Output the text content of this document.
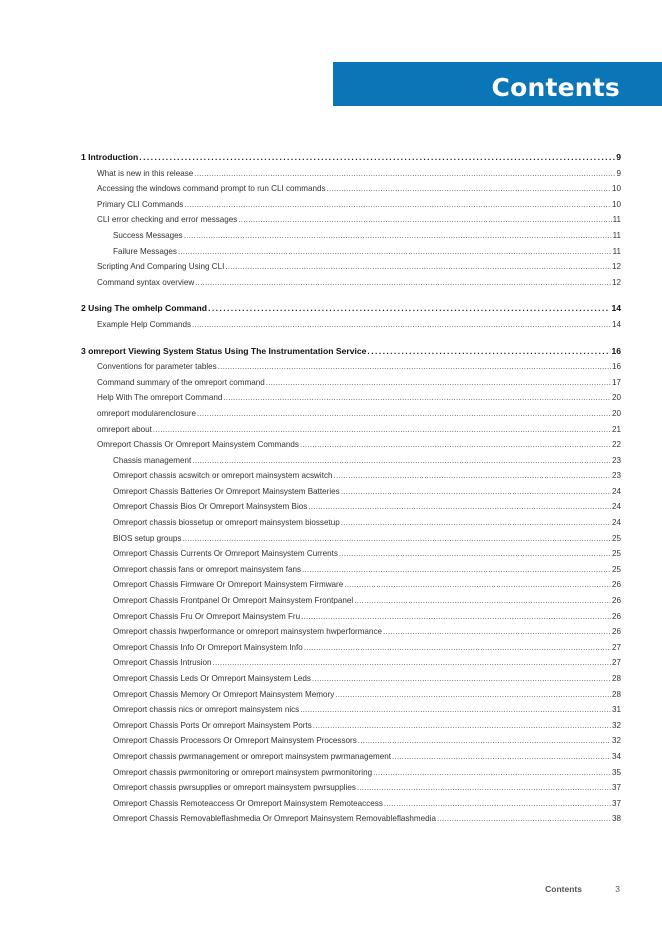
Contents
1 Introduction .....	9
What is new in this release .....	9
Accessing the windows command prompt to run CLI commands .....	10
Primary CLI Commands .....	10
CLI error checking and error messages .....	11
Success Messages .....	11
Failure Messages .....	11
Scripting And Comparing Using CLI .....	12
Command syntax overview .....	12
2 Using The omhelp Command .....	14
Example Help Commands .....	14
3 omreport Viewing System Status Using The Instrumentation Service .....	16
Conventions for parameter tables .....	16
Command summary of the omreport command .....	17
Help With The omreport Command .....	20
omreport modularenclosure .....	20
omreport about .....	21
Omreport Chassis Or Omreport Mainsystem Commands .....	22
Chassis management .....	23
Omreport chassis acswitch or omreport mainsystem acswitch .....	23
Omreport Chassis Batteries Or Omreport Mainsystem Batteries .....	24
Omreport Chassis Bios Or Omreport Mainsystem Bios .....	24
Omreport chassis biossetup or omreport mainsystem biossetup .....	24
BIOS setup groups .....	25
Omreport Chassis Currents Or Omreport Mainsystem Currents .....	25
Omreport chassis fans or omreport mainsystem fans .....	25
Omreport Chassis Firmware Or Omreport Mainsystem Firmware .....	26
Omreport Chassis Frontpanel Or Omreport Mainsystem Frontpanel .....	26
Omreport Chassis Fru Or Omreport Mainsystem Fru .....	26
Omreport chassis hwperformance or omreport mainsystem hwperformance .....	26
Omreport Chassis Info Or Omreport Mainsystem Info .....	27
Omreport Chassis Intrusion .....	27
Omreport Chassis Leds Or Omreport Mainsystem Leds .....	28
Omreport Chassis Memory Or Omreport Mainsystem Memory .....	28
Omreport chassis nics or omreport mainsystem nics .....	31
Omreport Chassis Ports Or omreport Mainsystem Ports .....	32
Omreport Chassis Processors Or Omreport Mainsystem Processors .....	32
Omreport chassis pwrmanagement or omreport mainsystem pwrmanagement .....	34
Omreport chassis pwrmonitoring or omreport mainsystem pwrmonitoring .....	35
Omreport chassis pwrsupplies or omreport mainsystem pwrsupplies .....	37
Omreport Chassis Remoteaccess Or Omreport Mainsystem Remoteaccess .....	37
Omreport Chassis Removableflashmedia Or Omreport Mainsystem Removableflashmedia .....	38
Contents	3
